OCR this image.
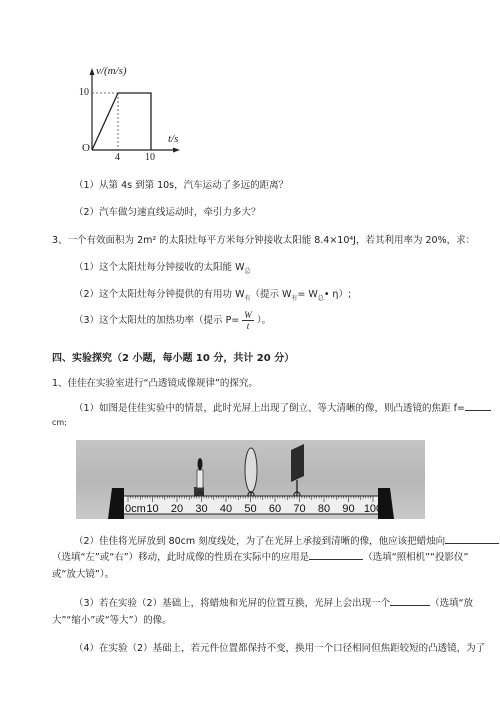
v/(m/s)
t/s
O
10
4	10
（1）从第 4s 到第 10s，汽车运动了多远的距离？
（2）汽车做匀速直线运动时，牵引力多大？
3、一个有效面积为 2m² 的太阳灶每平方米每分钟接收太阳能 8.4×10⁴J，若其利用率为 20%，求：
（1）这个太阳灶每分钟接收的太阳能 $W_总$
（2）这个太阳灶每分钟提供的有用功 $W_有$（提示 $W_有=$ $W_总•$ η）;
（3）这个太阳灶的加热功率（提示 $P= \frac{W}{t}$ ）。
四、实验探究（2 小题，每小题 10 分，共计 20 分）
1、佳佳在实验室进行“凸透镜成像规律”的探究。
（1）如图是佳佳实验中的情景，此时光屏上出现了倒立、等大清晰的像，则凸透镜的焦距 f=
cm;
0cm 10 20 30 40 50 60 70 80 90 100
（2）佳佳将光屏放到 80cm 刻度线处，为了在光屏上承接到清晰的像，他应该把蜡烛向
（选填“左”或“右”）移动，此时成像的性质在实际中的应用是	（选填“照相机”“投影仪”
或“放大镜”）。
（3）若在实验（2）基础上，将蜡烛和光屏的位置互换，光屏上会出现一个	（选填“放
大”“缩小”或“等大”）的像。
（4）在实验（2）基础上，若元件位置都保持不变，换用一个口径相同但焦距较短的凸透镜，为了
